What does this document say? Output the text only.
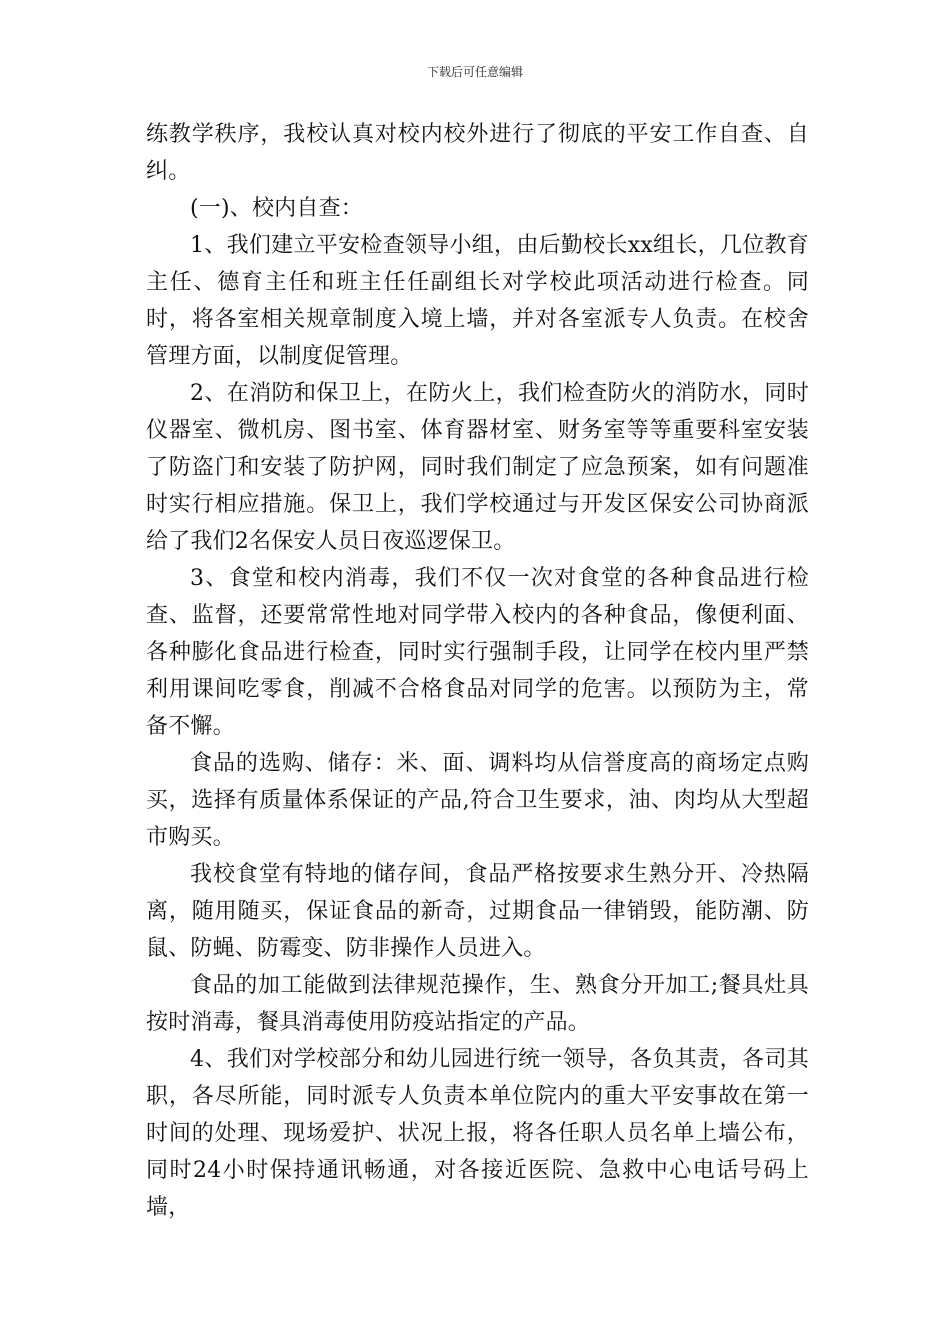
下载后可任意编辑

练教学秩序，我校认真对校内校外进行了彻底的平安工作自查、自纠。

(一)、校内自查：

1、我们建立平安检查领导小组，由后勤校长xx组长，几位教育主任、德育主任和班主任任副组长对学校此项活动进行检查。同时，将各室相关规章制度入境上墙，并对各室派专人负责。在校舍管理方面，以制度促管理。

2、在消防和保卫上，在防火上，我们检查防火的消防水，同时仪器室、微机房、图书室、体育器材室、财务室等等重要科室安装了防盗门和安装了防护网，同时我们制定了应急预案，如有问题准时实行相应措施。保卫上，我们学校通过与开发区保安公司协商派给了我们2名保安人员日夜巡逻保卫。

3、食堂和校内消毒，我们不仅一次对食堂的各种食品进行检查、监督，还要常常性地对同学带入校内的各种食品，像便利面、各种膨化食品进行检查，同时实行强制手段，让同学在校内里严禁利用课间吃零食，削减不合格食品对同学的危害。以预防为主，常备不懈。

食品的选购、储存：米、面、调料均从信誉度高的商场定点购买，选择有质量体系保证的产品,符合卫生要求，油、肉均从大型超市购买。

我校食堂有特地的储存间，食品严格按要求生熟分开、冷热隔离，随用随买，保证食品的新奇，过期食品一律销毁，能防潮、防鼠、防蝇、防霉变、防非操作人员进入。

食品的加工能做到法律规范操作，生、熟食分开加工;餐具灶具按时消毒，餐具消毒使用防疫站指定的产品。

4、我们对学校部分和幼儿园进行统一领导，各负其责，各司其职，各尽所能，同时派专人负责本单位院内的重大平安事故在第一时间的处理、现场爱护、状况上报，将各任职人员名单上墙公布，同时24小时保持通讯畅通，对各接近医院、急救中心电话号码上墙，
